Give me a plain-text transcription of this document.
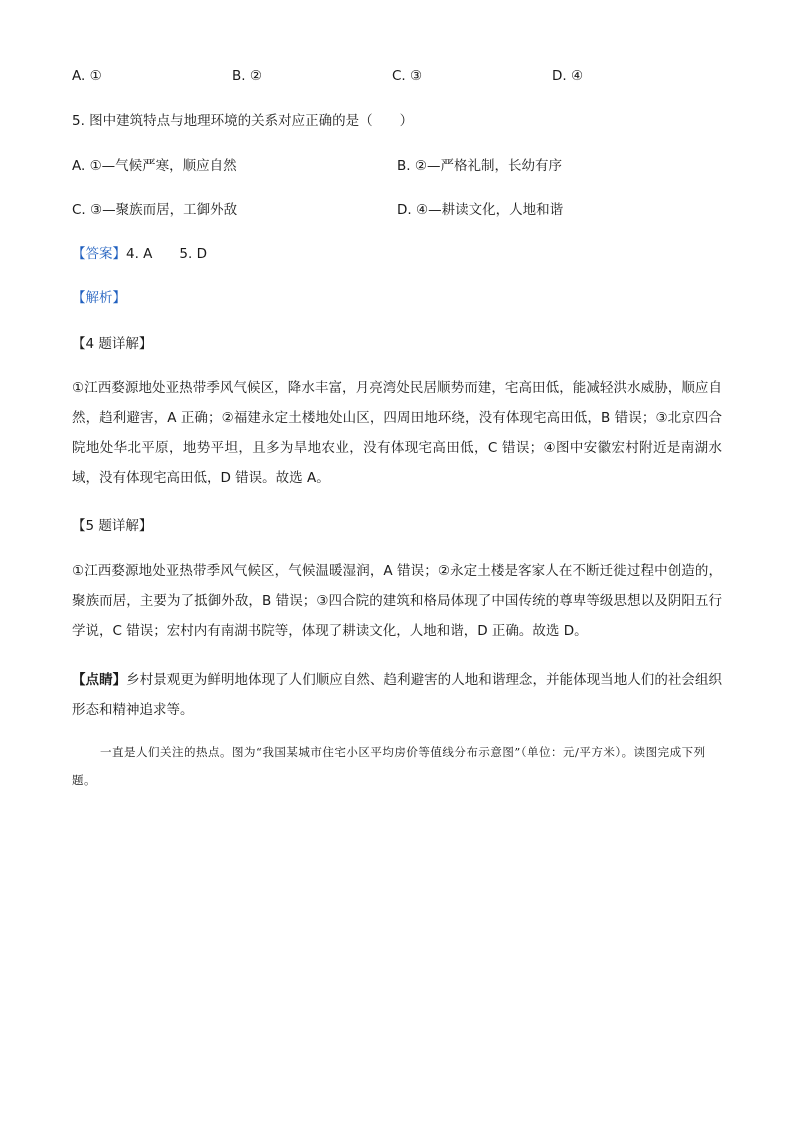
A. ①	B. ②	C. ③	D. ④
5. 图中建筑特点与地理环境的关系对应正确的是（　　）
A. ①—气候严寒，顺应自然	B. ②—严格礼制，长幼有序
C. ③—聚族而居，工御外敌	D. ④—耕读文化，人地和谐
【答案】4. A　　5. D
【解析】
【4 题详解】
①江西婺源地处亚热带季风气候区，降水丰富，月亮湾处民居顺势而建，宅高田低，能减轻洪水威胁，顺应自然，趋利避害，A 正确；②福建永定土楼地处山区，四周田地环绕，没有体现宅高田低，B 错误；③北京四合院地处华北平原，地势平坦，且多为旱地农业，没有体现宅高田低，C 错误；④图中安徽宏村附近是南湖水域，没有体现宅高田低，D 错误。故选 A。
【5 题详解】
①江西婺源地处亚热带季风气候区，气候温暖湿润，A 错误；②永定土楼是客家人在不断迁徙过程中创造的，聚族而居，主要为了抵御外敌，B 错误；③四合院的建筑和格局体现了中国传统的尊卑等级思想以及阴阳五行学说，C 错误；宏村内有南湖书院等，体现了耕读文化，人地和谐，D 正确。故选 D。
【点睛】乡村景观更为鲜明地体现了人们顺应自然、趋利避害的人地和谐理念，并能体现当地人们的社会组织形态和精神追求等。
一直是人们关注的热点。图为“我国某城市住宅小区平均房价等值线分布示意图”（单位：元/平方米）。读图完成下列题。
